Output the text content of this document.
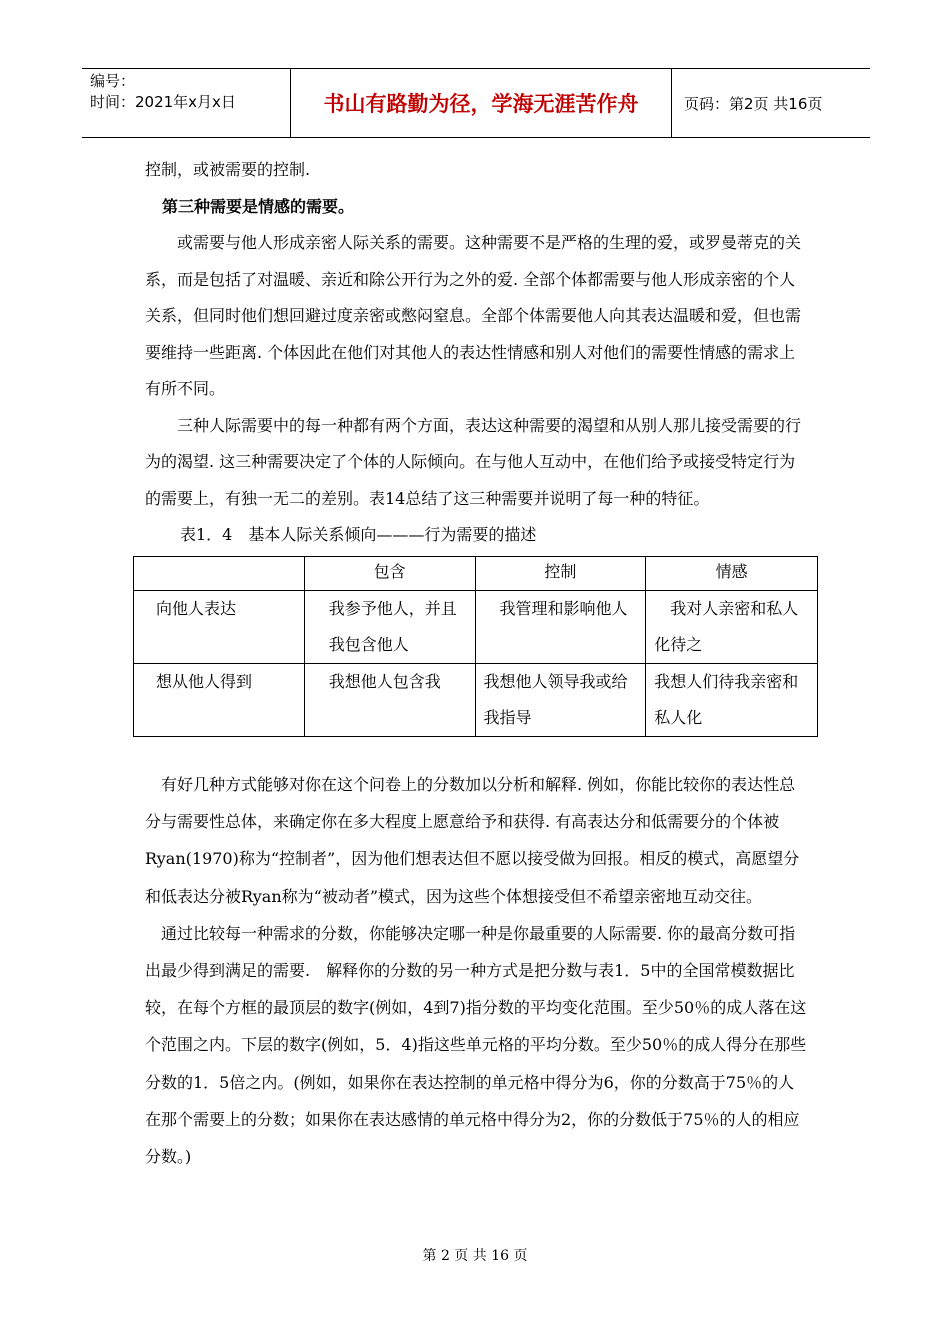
编号：
时间：2021年x月x日	书山有路勤为径，学海无涯苦作舟	页码：第2页 共16页

控制，或被需要的控制.

第三种需要是情感的需要。

或需要与他人形成亲密人际关系的需要。这种需要不是严格的生理的爱，或罗曼蒂克的关系，而是包括了对温暖、亲近和除公开行为之外的爱. 全部个体都需要与他人形成亲密的个人关系，但同时他们想回避过度亲密或憋闷窒息。全部个体需要他人向其表达温暖和爱，但也需要维持一些距离. 个体因此在他们对其他人的表达性情感和别人对他们的需要性情感的需求上有所不同。

三种人际需要中的每一种都有两个方面，表达这种需要的渴望和从别人那儿接受需要的行为的渴望. 这三种需要决定了个体的人际倾向。在与他人互动中，在他们给予或接受特定行为的需要上，有独一无二的差别。表14总结了这三种需要并说明了每一种的特征。

表1．4　基本人际关系倾向———行为需要的描述

	包含	控制	情感
向他人表达	我参予他人，并且我包含他人	我管理和影响他人	我对人亲密和私人化待之
想从他人得到	我想他人包含我	我想他人领导我或给我指导	我想人们待我亲密和私人化

有好几种方式能够对你在这个问卷上的分数加以分析和解释. 例如，你能比较你的表达性总分与需要性总体，来确定你在多大程度上愿意给予和获得. 有高表达分和低需要分的个体被Ryan(1970)称为“控制者”，因为他们想表达但不愿以接受做为回报。相反的模式，高愿望分和低表达分被Ryan称为“被动者”模式，因为这些个体想接受但不希望亲密地互动交往。

通过比较每一种需求的分数，你能够决定哪一种是你最重要的人际需要. 你的最高分数可指出最少得到满足的需要.　解释你的分数的另一种方式是把分数与表1．5中的全国常模数据比较，在每个方框的最顶层的数字(例如，4到7)指分数的平均变化范围。至少50％的成人落在这个范围之内。下层的数字(例如，5．4)指这些单元格的平均分数。至少50％的成人得分在那些分数的1．5倍之内。(例如，如果你在表达控制的单元格中得分为6，你的分数高于75％的人在那个需要上的分数；如果你在表达感情的单元格中得分为2，你的分数低于75％的人的相应分数。)

第 2 页 共 16 页
